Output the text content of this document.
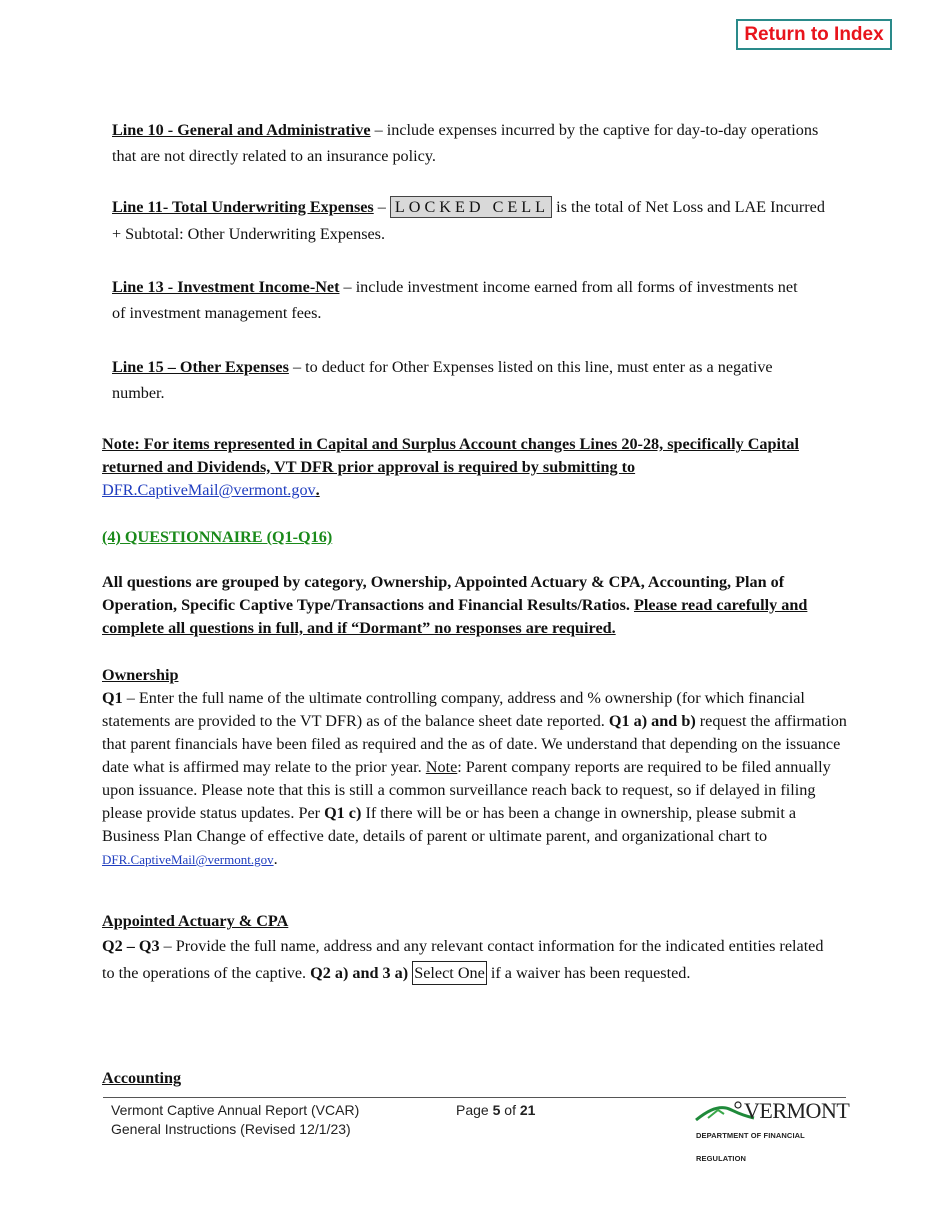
Return to Index
Line 10 - General and Administrative – include expenses incurred by the captive for day-to-day operations that are not directly related to an insurance policy.
Line 11- Total Underwriting Expenses – LOCKED CELL is the total of Net Loss and LAE Incurred + Subtotal: Other Underwriting Expenses.
Line 13 - Investment Income-Net – include investment income earned from all forms of investments net of investment management fees.
Line 15 – Other Expenses – to deduct for Other Expenses listed on this line, must enter as a negative number.
Note: For items represented in Capital and Surplus Account changes Lines 20-28, specifically Capital returned and Dividends, VT DFR prior approval is required by submitting to DFR.CaptiveMail@vermont.gov.
(4) QUESTIONNAIRE (Q1-Q16)
All questions are grouped by category, Ownership, Appointed Actuary & CPA, Accounting, Plan of Operation, Specific Captive Type/Transactions and Financial Results/Ratios. Please read carefully and complete all questions in full, and if “Dormant” no responses are required.
Ownership
Q1 – Enter the full name of the ultimate controlling company, address and % ownership (for which financial statements are provided to the VT DFR) as of the balance sheet date reported. Q1 a) and b) request the affirmation that parent financials have been filed as required and the as of date. We understand that depending on the issuance date what is affirmed may relate to the prior year. Note: Parent company reports are required to be filed annually upon issuance. Please note that this is still a common surveillance reach back to request, so if delayed in filing please provide status updates. Per Q1 c) If there will be or has been a change in ownership, please submit a Business Plan Change of effective date, details of parent or ultimate parent, and organizational chart to DFR.CaptiveMail@vermont.gov.
Appointed Actuary & CPA
Q2 – Q3 – Provide the full name, address and any relevant contact information for the indicated entities related to the operations of the captive. Q2 a) and 3 a) Select One if a waiver has been requested.
Accounting
Vermont Captive Annual Report (VCAR)
General Instructions (Revised 12/1/23)
Page 5 of 21	VERMONT
DEPARTMENT OF FINANCIAL REGULATION
